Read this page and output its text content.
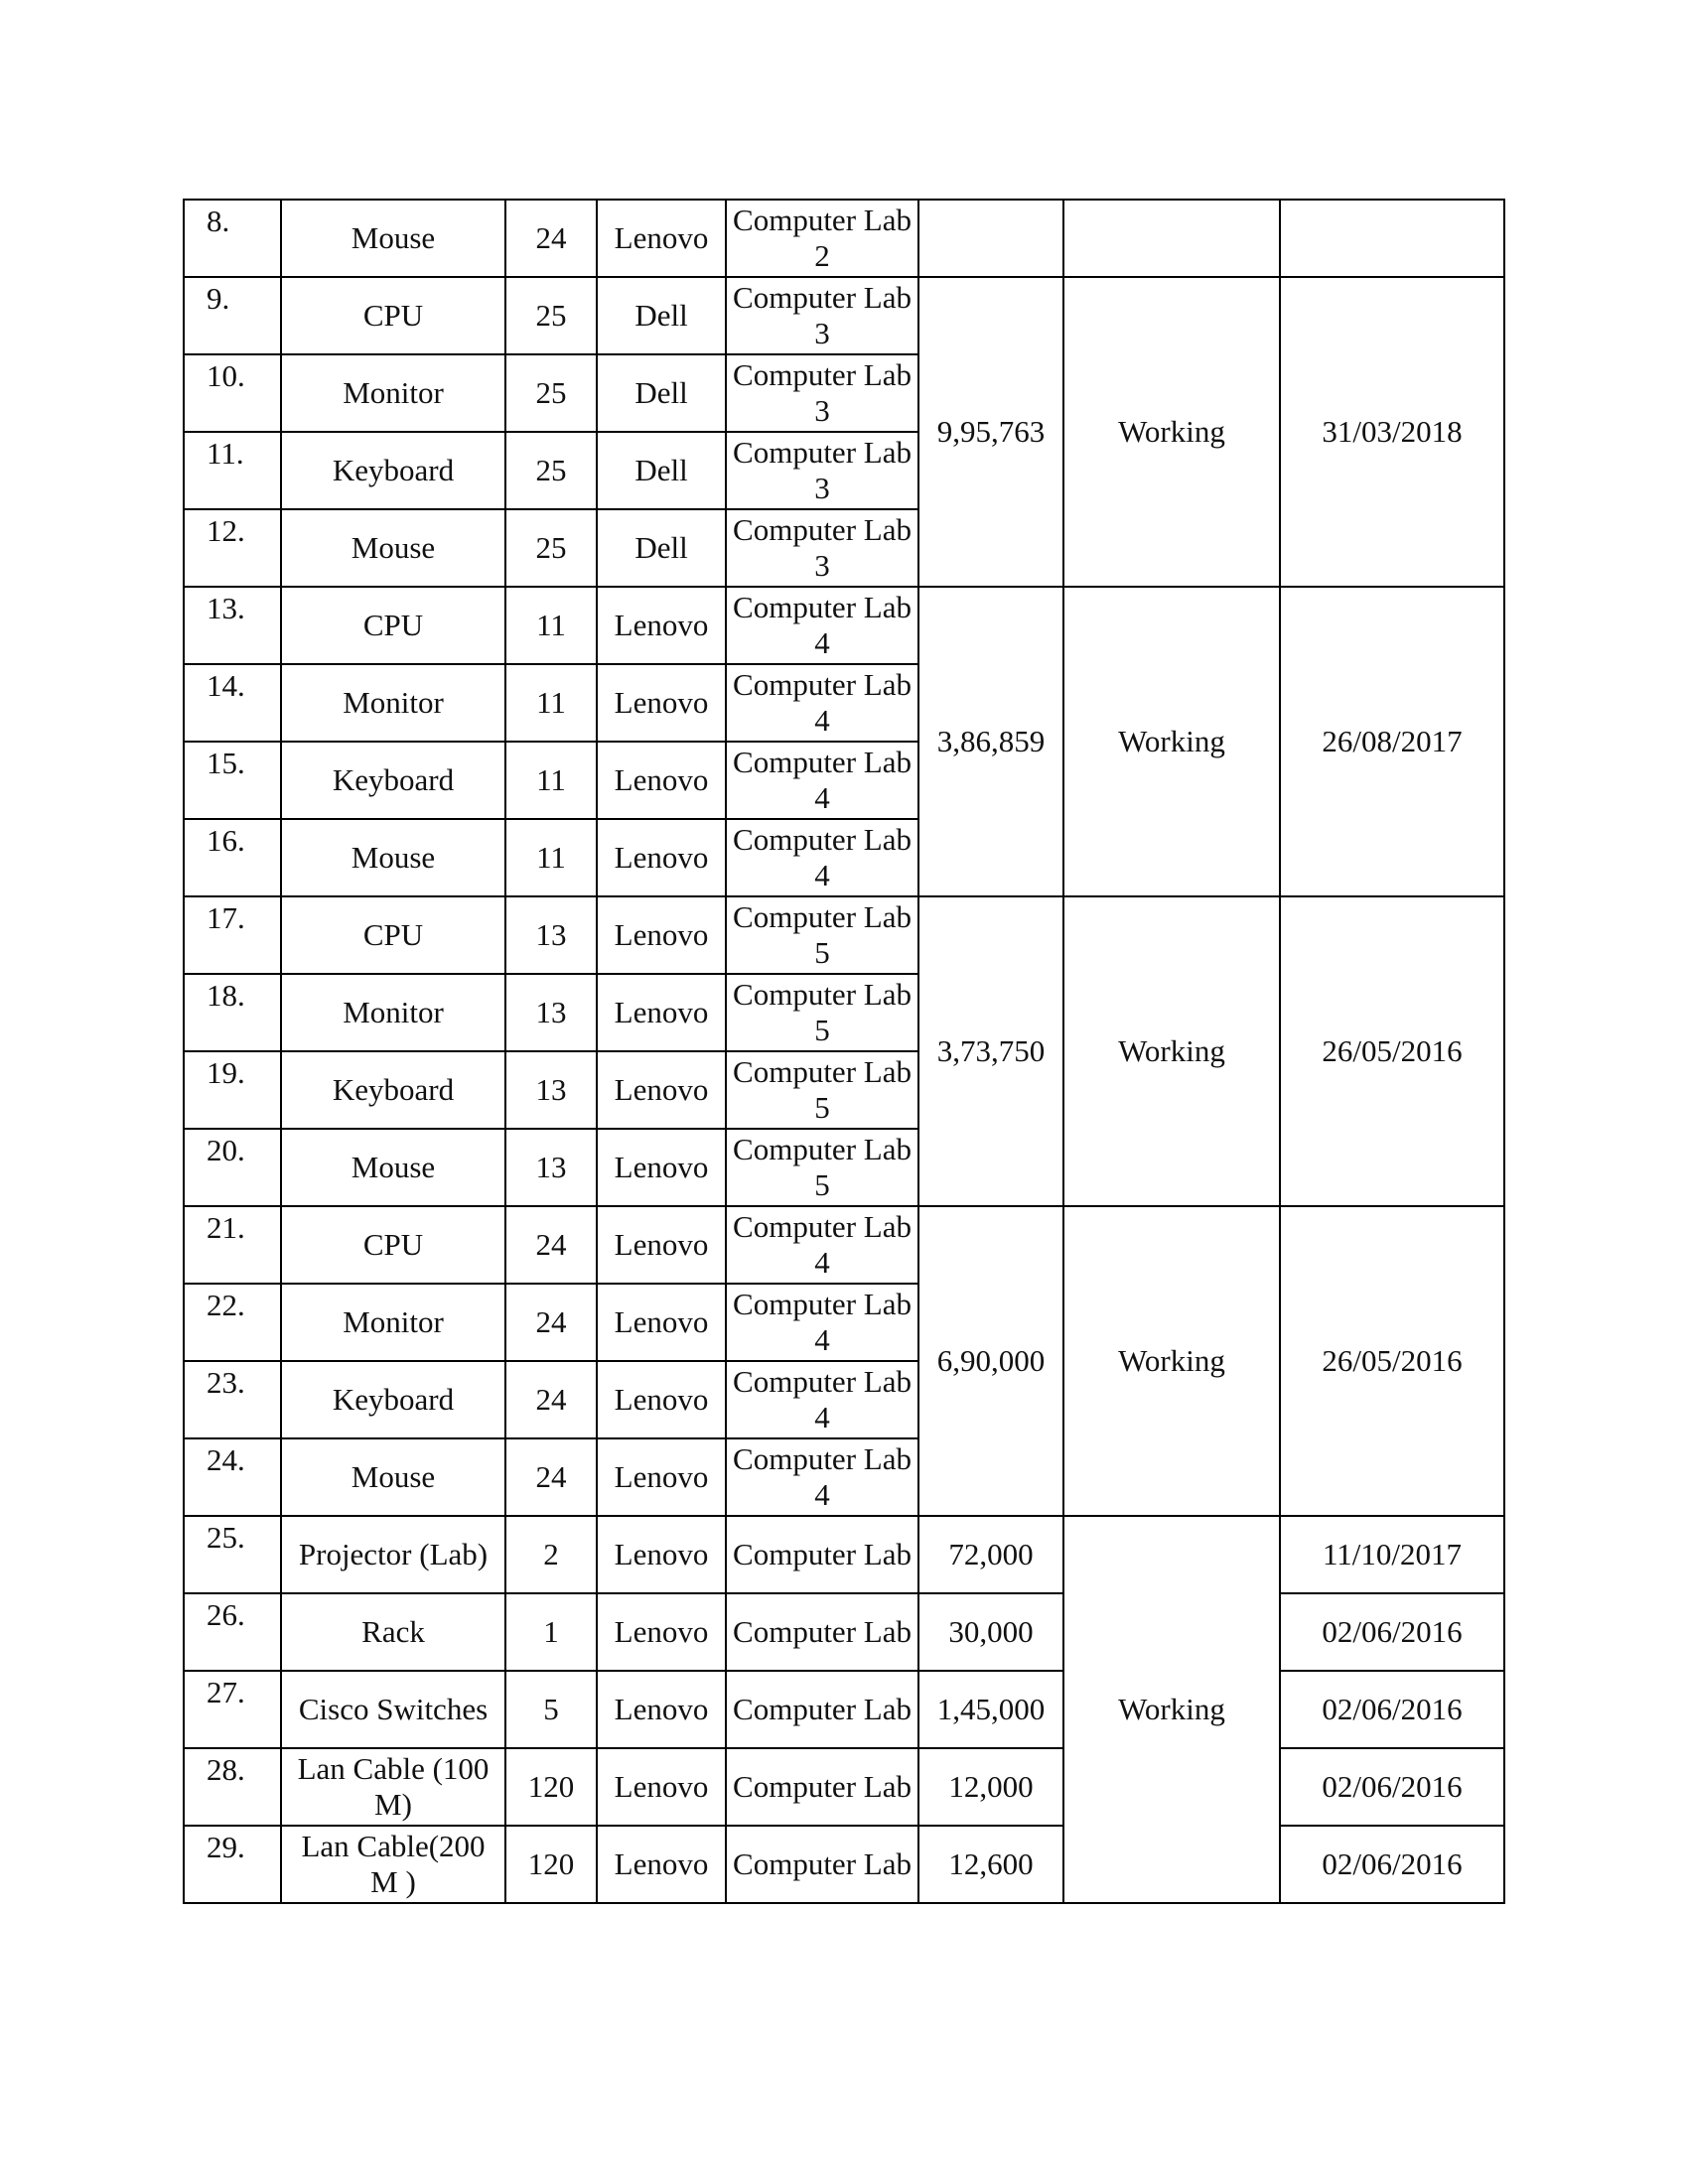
8.	Mouse	24	Lenovo	Computer Lab 2			
9.	CPU	25	Dell	Computer Lab 3	9,95,763	Working	31/03/2018
10.	Monitor	25	Dell	Computer Lab 3			
11.	Keyboard	25	Dell	Computer Lab 3			
12.	Mouse	25	Dell	Computer Lab 3			
13.	CPU	11	Lenovo	Computer Lab 4	3,86,859	Working	26/08/2017
14.	Monitor	11	Lenovo	Computer Lab 4			
15.	Keyboard	11	Lenovo	Computer Lab 4			
16.	Mouse	11	Lenovo	Computer Lab 4			
17.	CPU	13	Lenovo	Computer Lab 5	3,73,750	Working	26/05/2016
18.	Monitor	13	Lenovo	Computer Lab 5			
19.	Keyboard	13	Lenovo	Computer Lab 5			
20.	Mouse	13	Lenovo	Computer Lab 5			
21.	CPU	24	Lenovo	Computer Lab 4	6,90,000	Working	26/05/2016
22.	Monitor	24	Lenovo	Computer Lab 4			
23.	Keyboard	24	Lenovo	Computer Lab 4			
24.	Mouse	24	Lenovo	Computer Lab 4			
25.	Projector (Lab)	2	Lenovo	Computer Lab	72,000	Working	11/10/2017
26.	Rack	1	Lenovo	Computer Lab	30,000		02/06/2016
27.	Cisco Switches	5	Lenovo	Computer Lab	1,45,000		02/06/2016
28.	Lan Cable (100 M)	120	Lenovo	Computer Lab	12,000		02/06/2016
29.	Lan Cable(200 M )	120	Lenovo	Computer Lab	12,600		02/06/2016
